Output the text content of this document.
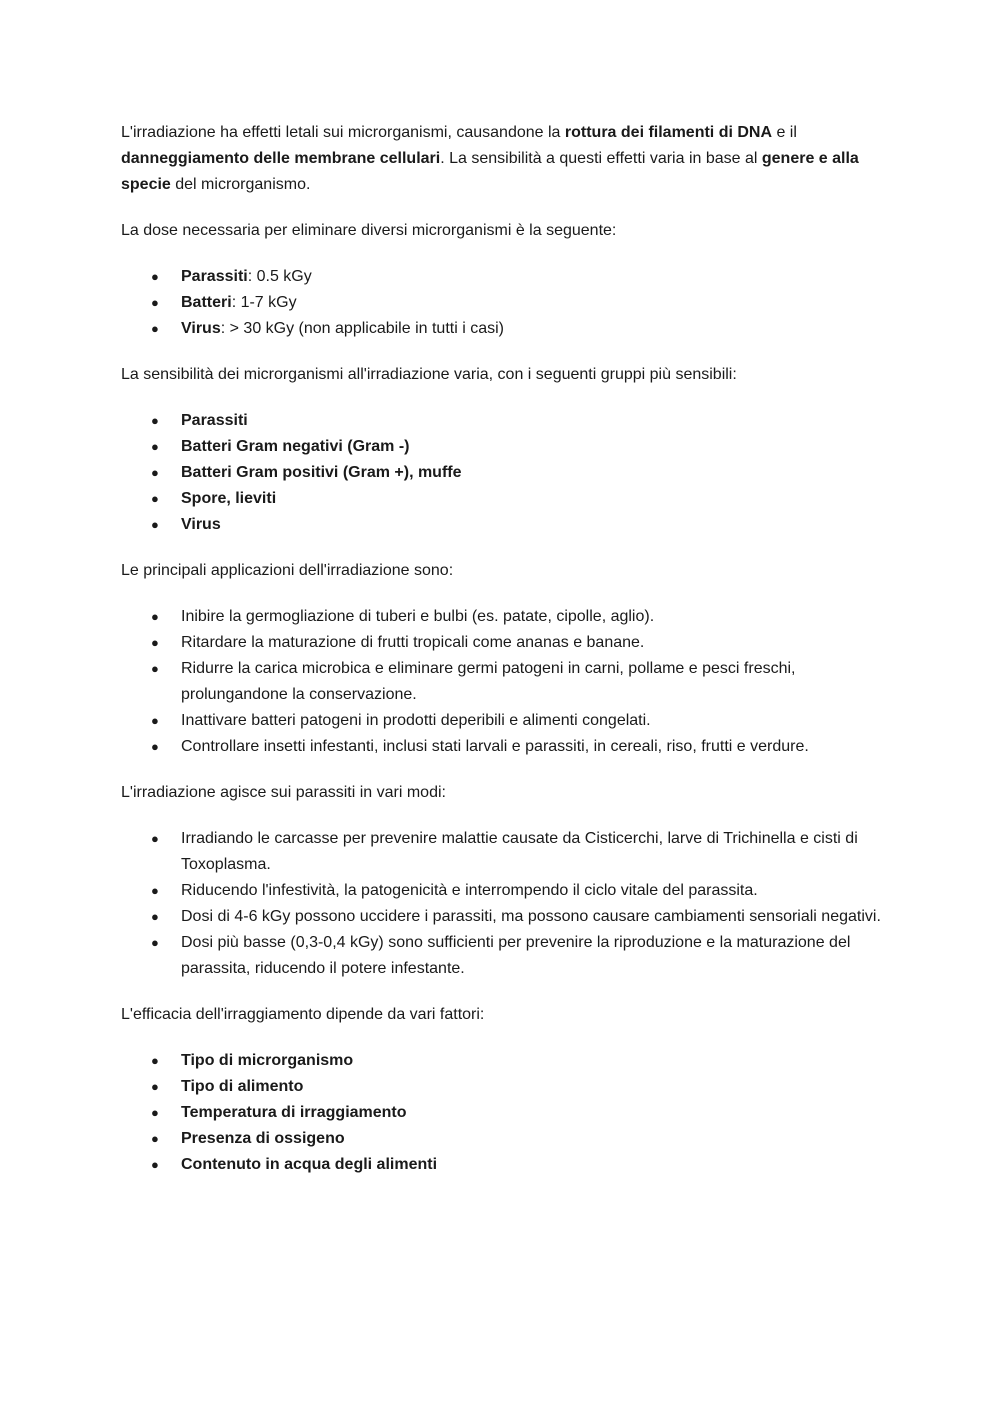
L'irradiazione ha effetti letali sui microrganismi, causandone la rottura dei filamenti di DNA e il danneggiamento delle membrane cellulari. La sensibilità a questi effetti varia in base al genere e alla specie del microrganismo.

La dose necessaria per eliminare diversi microrganismi è la seguente:

● Parassiti: 0.5 kGy
● Batteri: 1-7 kGy
● Virus: > 30 kGy (non applicabile in tutti i casi)

La sensibilità dei microrganismi all'irradiazione varia, con i seguenti gruppi più sensibili:

● Parassiti
● Batteri Gram negativi (Gram -)
● Batteri Gram positivi (Gram +), muffe
● Spore, lieviti
● Virus

Le principali applicazioni dell'irradiazione sono:

● Inibire la germogliazione di tuberi e bulbi (es. patate, cipolle, aglio).
● Ritardare la maturazione di frutti tropicali come ananas e banane.
● Ridurre la carica microbica e eliminare germi patogeni in carni, pollame e pesci freschi, prolungandone la conservazione.
● Inattivare batteri patogeni in prodotti deperibili e alimenti congelati.
● Controllare insetti infestanti, inclusi stati larvali e parassiti, in cereali, riso, frutti e verdure.

L'irradiazione agisce sui parassiti in vari modi:

● Irradiando le carcasse per prevenire malattie causate da Cisticerchi, larve di Trichinella e cisti di Toxoplasma.
● Riducendo l'infestività, la patogenicità e interrompendo il ciclo vitale del parassita.
● Dosi di 4-6 kGy possono uccidere i parassiti, ma possono causare cambiamenti sensoriali negativi.
● Dosi più basse (0,3-0,4 kGy) sono sufficienti per prevenire la riproduzione e la maturazione del parassita, riducendo il potere infestante.

L'efficacia dell'irraggiamento dipende da vari fattori:

● Tipo di microrganismo
● Tipo di alimento
● Temperatura di irraggiamento
● Presenza di ossigeno
● Contenuto in acqua degli alimenti
